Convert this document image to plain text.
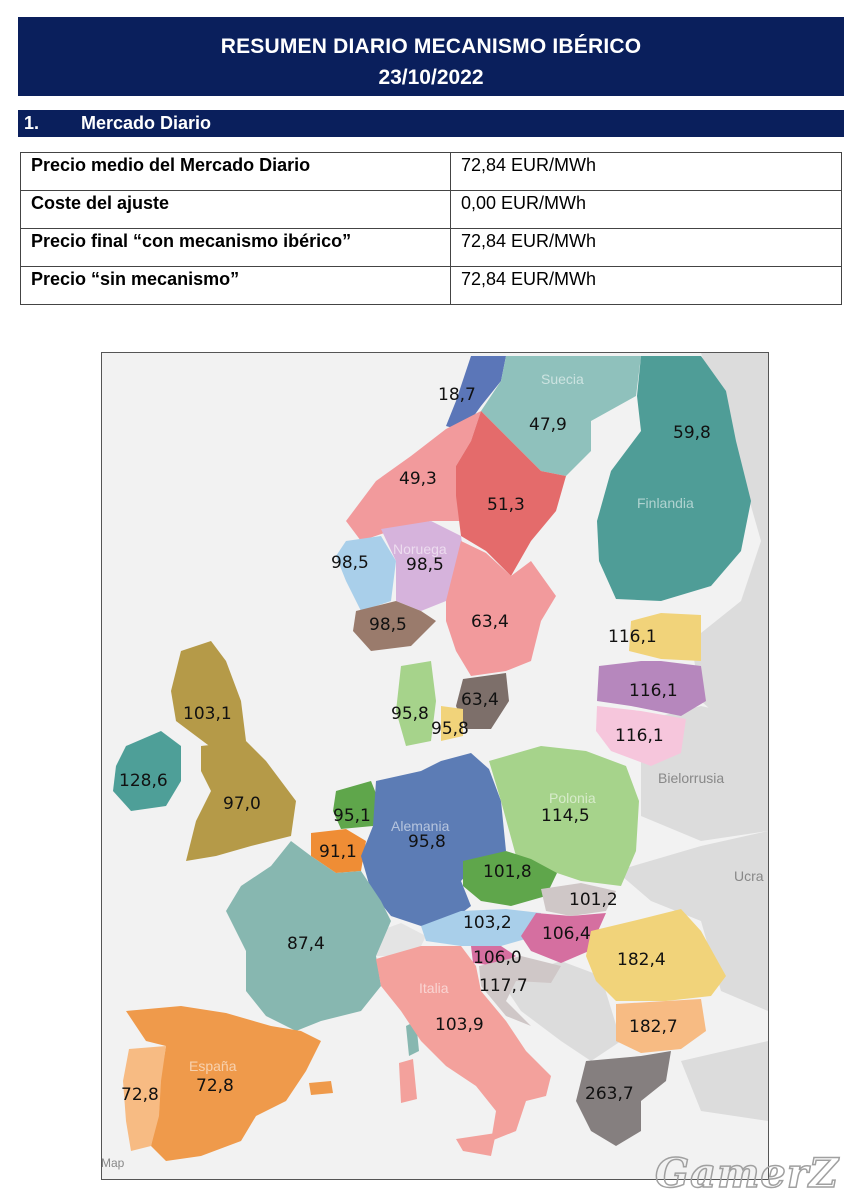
RESUMEN DIARIO MECANISMO IBÉRICO
23/10/2022
1. Mercado Diario
Precio medio del Mercado Diario	72,84 EUR/MWh
Coste del ajuste	0,00 EUR/MWh
Precio final “con mecanismo ibérico”	72,84 EUR/MWh
Precio “sin mecanismo”	72,84 EUR/MWh
Suecia
Finlandia
Noruega
Alemania
Polonia
Italia
España
Bielorrusia
Ucra
18,7
47,9	59,8
49,3
51,3
98,5 98,5
98,5	63,4
116,1
116,1
63,4
103,1	95,8
95,8	116,1
128,6
97,0
95,1	114,5
95,8
91,1
101,8
101,2
103,2
106,4
87,4
106,0	182,4
117,7
182,7
103,9
72,8
72,8	263,7
Map	GamerZ
